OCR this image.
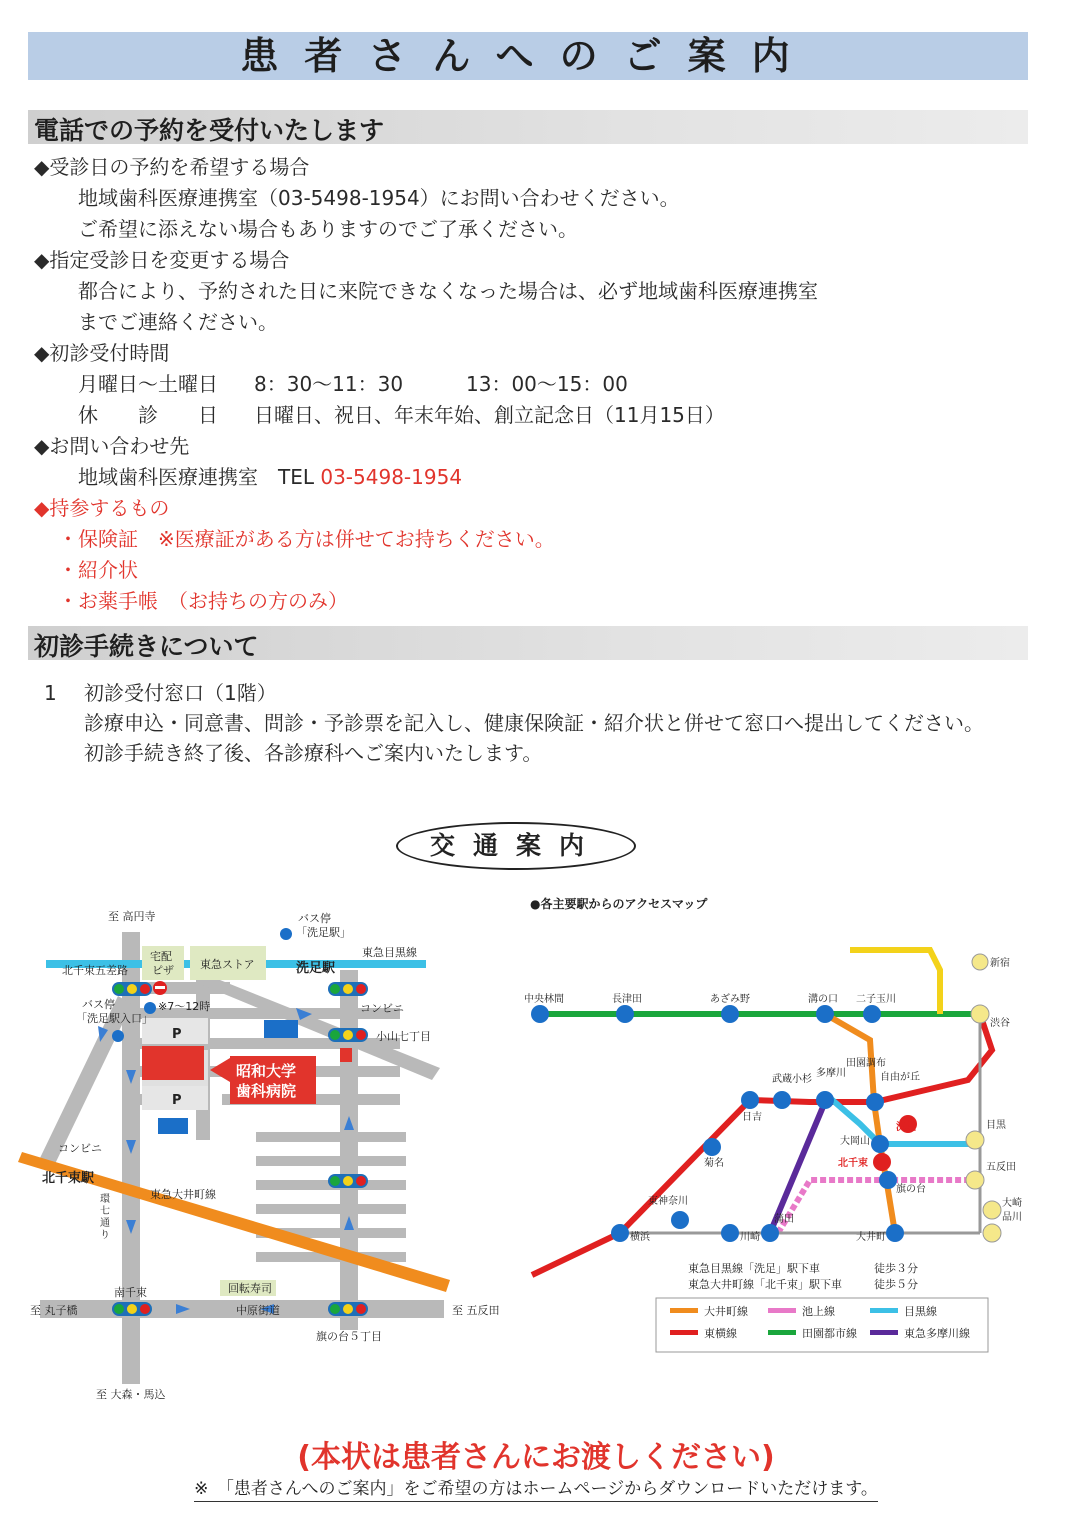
患者さんへのご案内
電話での予約を受付いたします
◆受診日の予約を希望する場合
地域歯科医療連携室（03-5498-1954）にお問い合わせください。
ご希望に添えない場合もありますのでご了承ください。
◆指定受診日を変更する場合
都合により、予約された日に来院できなくなった場合は、必ず地域歯科医療連携室
までご連絡ください。
◆初診受付時間
月曜日～土曜日 8：30～11：30	13：00～15：00
休　　診　　日 日曜日、祝日、年末年始、創立記念日（11月15日）
◆お問い合わせ先
地域歯科医療連携室　TEL 03-5498-1954
◆持参するもの
・保険証　※医療証がある方は併せてお持ちください。
・紹介状
・お薬手帳　（お持ちの方のみ）
初診手続きについて
1 初診受付窓口（1階）
診療申込・同意書、問診・予診票を記入し、健康保険証・紹介状と併せて窓口へ提出してください。
初診手続き終了後、各診療科へご案内いたします。
交通案内
至 高円寺
環
七
通
り
北千束五差路
宅配
ピザ 東急ストア
バス停
「洗足駅」
東急目黒線
洗足駅
バス停
「洗足駅入口」
※7～12時	コンビニ
小山七丁目
P
P
昭和大学
歯科病院
コンビニ
北千束駅
東急大井町線
南千束	回転寿司
中原街道
至 丸子橋	至 五反田
旗の台５丁目
至 大森・馬込
●各主要駅からのアクセスマップ
中央林間	長津田	あざみ野	溝の口 二子玉川
渋谷
新宿
自由が丘
武蔵小杉
多摩川
田園調布
日吉
菊名
横浜
東神奈川
川崎
蒲田
大井町
旗の台
大岡山
洗足
北千束
目黒
五反田
大崎
品川
東急目黒線「洗足」駅下車	徒歩３分
東急大井町線「北千束」駅下車	徒歩５分
大井町線	池上線	目黒線
東横線	田園都市線	東急多摩川線
(本状は患者さんにお渡しください)
※　「患者さんへのご案内」をご希望の方はホームページからダウンロードいただけます。
